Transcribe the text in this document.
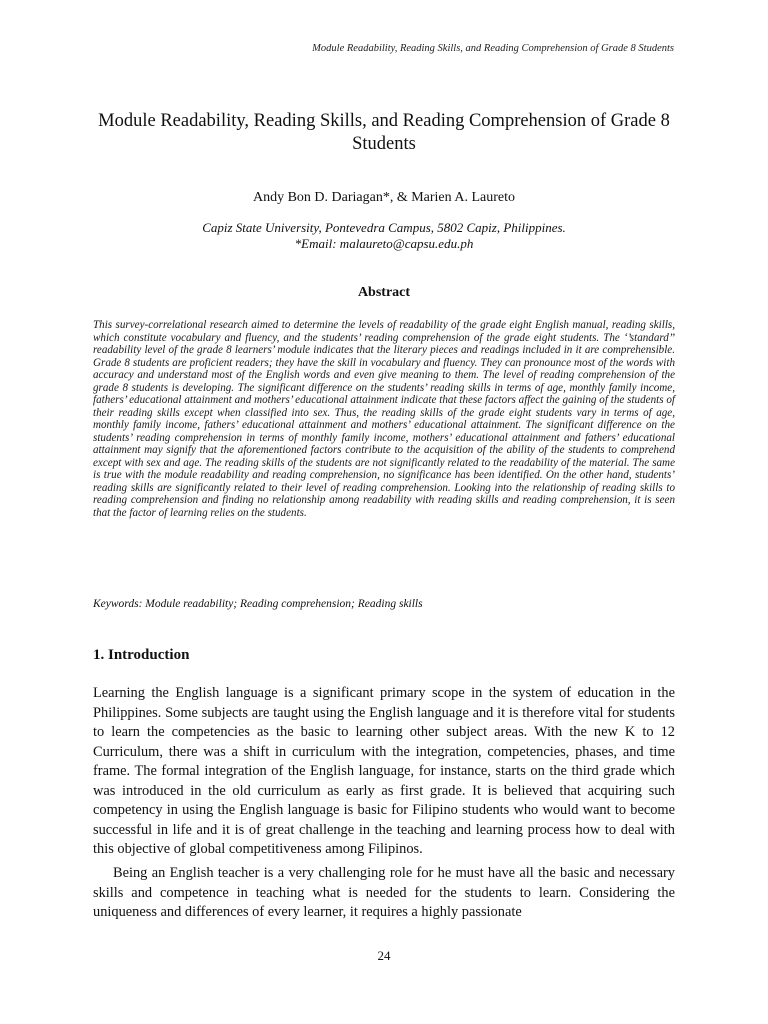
Module Readability, Reading Skills, and Reading Comprehension of Grade 8 Students
Module Readability, Reading Skills, and Reading Comprehension of Grade 8 Students
Andy Bon D. Dariagan*, & Marien A. Laureto
Capiz State University, Pontevedra Campus, 5802 Capiz, Philippines.
*Email: malaureto@capsu.edu.ph
Abstract

This survey-correlational research aimed to determine the levels of readability of the grade eight English manual, reading skills, which constitute vocabulary and fluency, and the students’ reading comprehension of the grade eight students. The ‘’standard’’ readability level of the grade 8 learners’ module indicates that the literary pieces and readings included in it are comprehensible. Grade 8 students are proficient readers; they have the skill in vocabulary and fluency. They can pronounce most of the words with accuracy and understand most of the English words and even give meaning to them. The level of reading comprehension of the grade 8 students is developing. The significant difference on the students’ reading skills in terms of age, monthly family income, fathers’ educational attainment and mothers’ educational attainment indicate that these factors affect the gaining of the students of their reading skills except when classified into sex. Thus, the reading skills of the grade eight students vary in terms of age, monthly family income, fathers’ educational attainment and mothers’ educational attainment. The significant difference on the students’ reading comprehension in terms of monthly family income, mothers’ educational attainment and fathers’ educational attainment may signify that the aforementioned factors contribute to the acquisition of the ability of the students to comprehend except with sex and age. The reading skills of the students are not significantly related to the readability of the material. The same is true with the module readability and reading comprehension, no significance has been identified. On the other hand, students’ reading skills are significantly related to their level of reading comprehension. Looking into the relationship of reading skills to reading comprehension and finding no relationship among readability with reading skills and reading comprehension, it is seen that the factor of learning relies on the students.

Keywords: Module readability; Reading comprehension; Reading skills
1. Introduction

Learning the English language is a significant primary scope in the system of education in the Philippines. Some subjects are taught using the English language and it is therefore vital for students to learn the competencies as the basic to learning other subject areas. With the new K to 12 Curriculum, there was a shift in curriculum with the integration, competencies, phases, and time frame. The formal integration of the English language, for instance, starts on the third grade which was introduced in the old curriculum as early as first grade. It is believed that acquiring such competency in using the English language is basic for Filipino students who would want to become successful in life and it is of great challenge in the teaching and learning process how to deal with this objective of global competitiveness among Filipinos.

Being an English teacher is a very challenging role for he must have all the basic and necessary skills and competence in teaching what is needed for the students to learn. Considering the uniqueness and differences of every learner, it requires a highly passionate

24
